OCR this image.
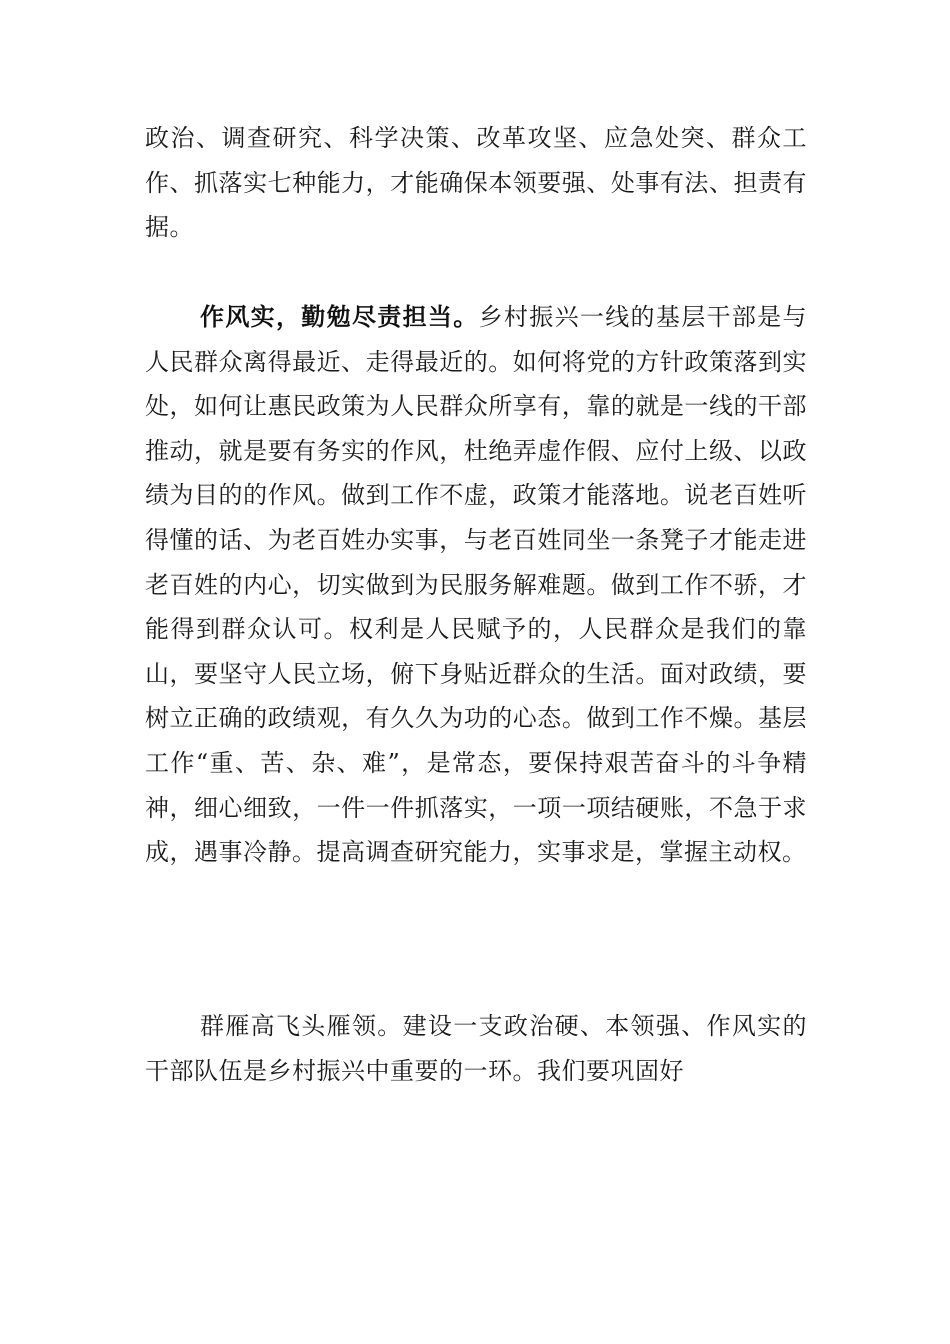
政治、调查研究、科学决策、改革攻坚、应急处突、群众工作、抓落实七种能力，才能确保本领要强、处事有法、担责有据。

作风实，勤勉尽责担当。乡村振兴一线的基层干部是与人民群众离得最近、走得最近的。如何将党的方针政策落到实处，如何让惠民政策为人民群众所享有，靠的就是一线的干部推动，就是要有务实的作风，杜绝弄虚作假、应付上级、以政绩为目的的作风。做到工作不虚，政策才能落地。说老百姓听得懂的话、为老百姓办实事，与老百姓同坐一条凳子才能走进老百姓的内心，切实做到为民服务解难题。做到工作不骄，才能得到群众认可。权利是人民赋予的，人民群众是我们的靠山，要坚守人民立场，俯下身贴近群众的生活。面对政绩，要树立正确的政绩观，有久久为功的心态。做到工作不燥。基层工作“重、苦、杂、难”，是常态，要保持艰苦奋斗的斗争精神，细心细致，一件一件抓落实，一项一项结硬账，不急于求成，遇事冷静。提高调查研究能力，实事求是，掌握主动权。

群雁高飞头雁领。建设一支政治硬、本领强、作风实的干部队伍是乡村振兴中重要的一环。我们要巩固好
